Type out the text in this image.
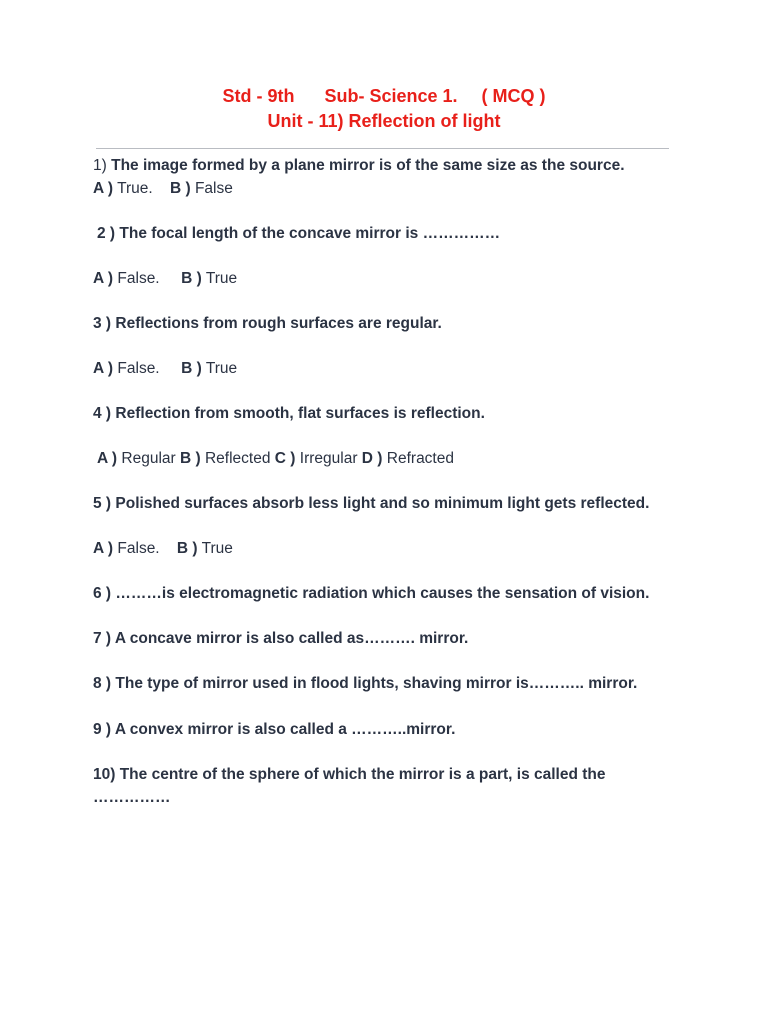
Std - 9th Sub- Science 1. ( MCQ )
Unit - 11) Reflection of light

1) The image formed by a plane mirror is of the same size as the source.

A ) True. B ) False

2 ) The focal length of the concave mirror is ……………

A ) False. B ) True

3 ) Reflections from rough surfaces are regular.

A ) False. B ) True

4 ) Reflection from smooth, flat surfaces is reflection.

A ) Regular B ) Reflected C ) Irregular D ) Refracted

5 ) Polished surfaces absorb less light and so minimum light gets reflected.

A ) False. B ) True

6 ) ………is electromagnetic radiation which causes the sensation of vision.

7 ) A concave mirror is also called as………. mirror.

8 ) The type of mirror used in flood lights, shaving mirror is……….. mirror.

9 ) A convex mirror is also called a ………..mirror.

10) The centre of the sphere of which the mirror is a part, is called the ……………
